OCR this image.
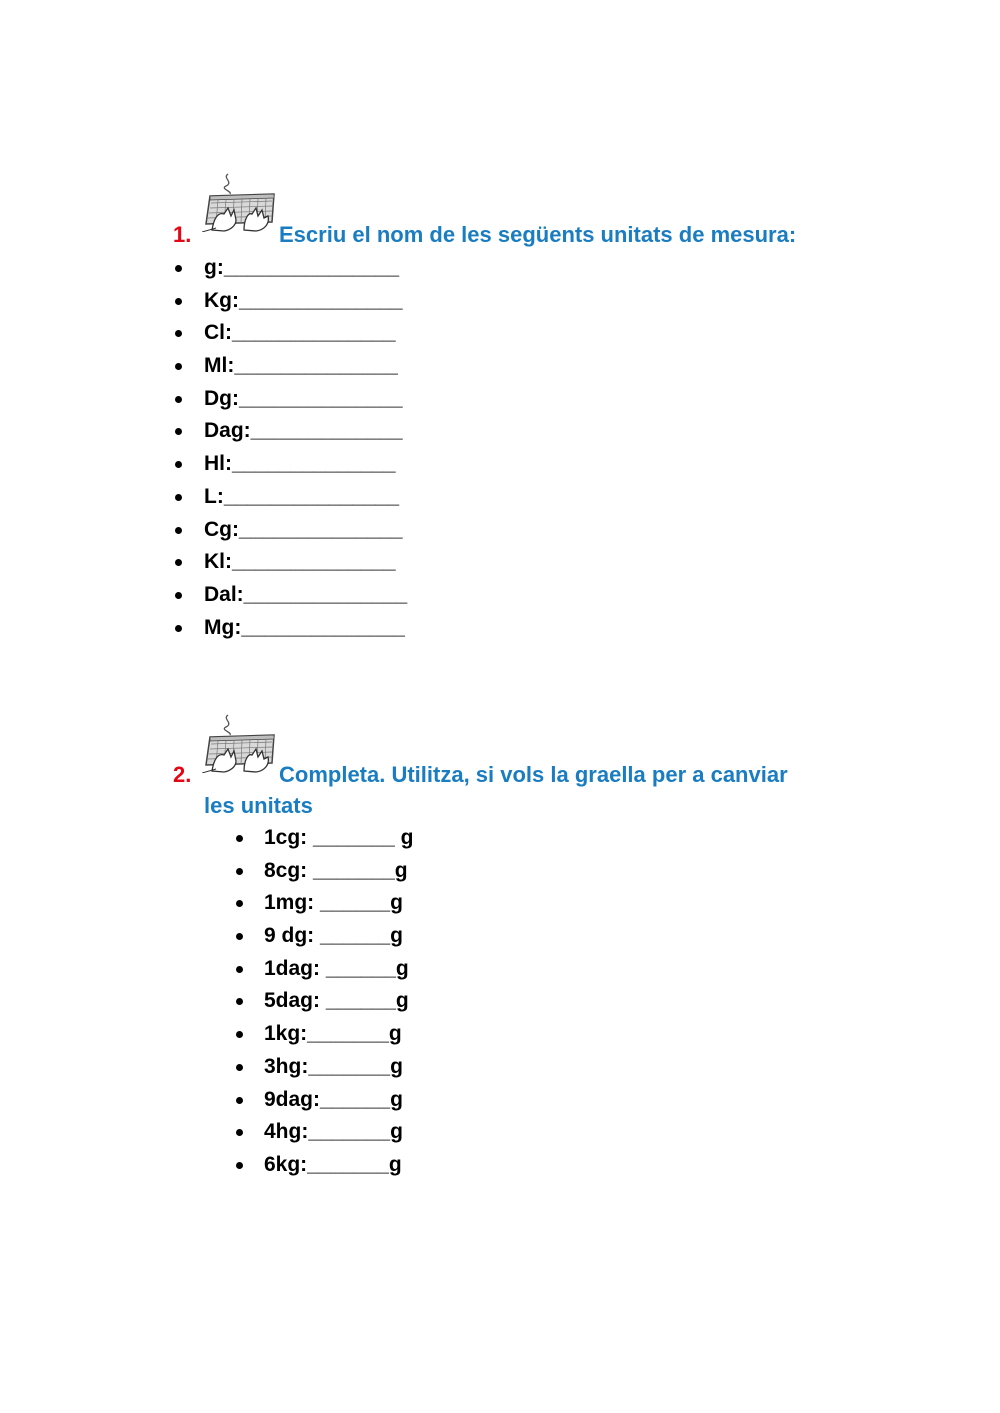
1.	Escriu el nom de les següents unitats de mesura:
g:_______________
Kg:______________
Cl:______________
Ml:______________
Dg:______________
Dag:_____________
Hl:______________
L:_______________
Cg:______________
Kl:______________
Dal:______________
Mg:______________
2.	Completa. Utilitza, si vols la graella per a canviar
les unitats
1cg: _______ g
8cg: _______g
1mg: ______g
9 dg: ______g
1dag: ______g
5dag: ______g
1kg:_______g
3hg:_______g
9dag:______g
4hg:_______g
6kg:_______g
